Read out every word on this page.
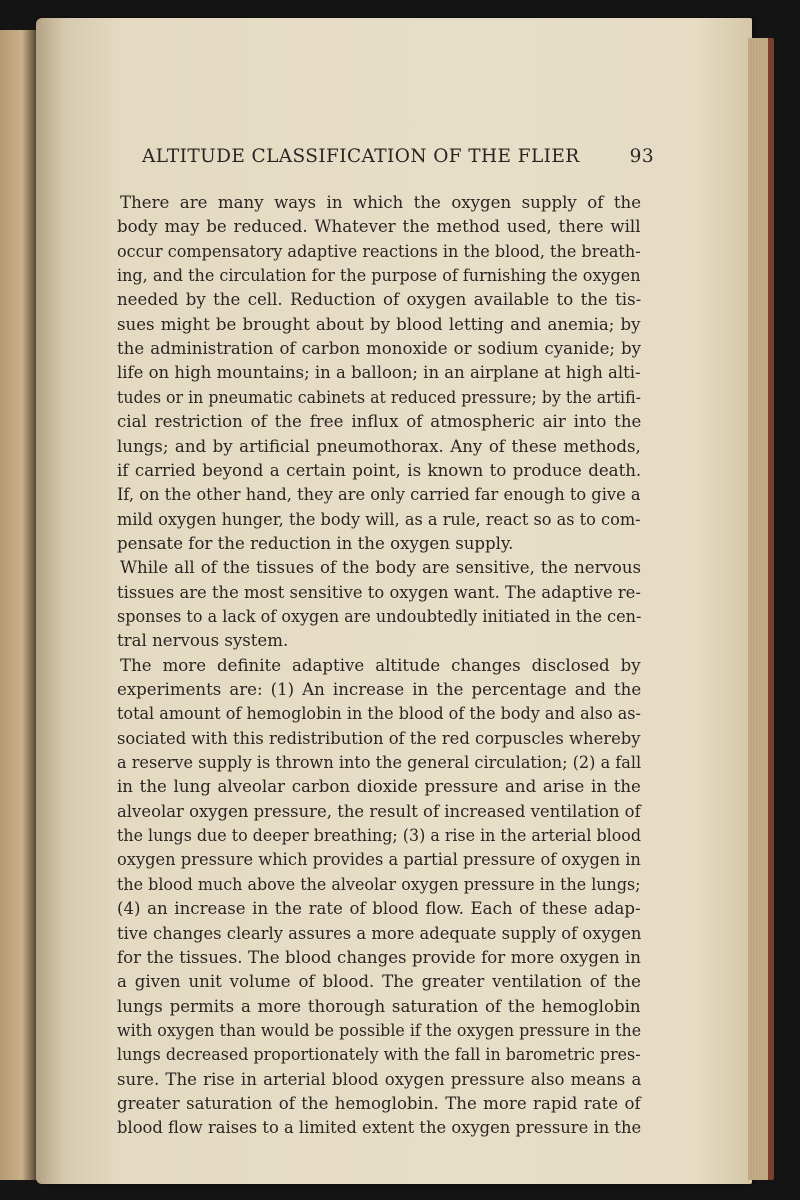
ALTITUDE CLASSIFICATION OF THE FLIER	93
There are many ways in which the oxygen supply of the
body may be reduced. Whatever the method used, there will
occur compensatory adaptive reactions in the blood, the breath-
ing, and the circulation for the purpose of furnishing the oxygen
needed by the cell. Reduction of oxygen available to the tis-
sues might be brought about by blood letting and anemia; by
the administration of carbon monoxide or sodium cyanide; by
life on high mountains; in a balloon; in an airplane at high alti-
tudes or in pneumatic cabinets at reduced pressure; by the artifi-
cial restriction of the free influx of atmospheric air into the
lungs; and by artificial pneumothorax. Any of these methods,
if carried beyond a certain point, is known to produce death.
If, on the other hand, they are only carried far enough to give a
mild oxygen hunger, the body will, as a rule, react so as to com-
pensate for the reduction in the oxygen supply.
While all of the tissues of the body are sensitive, the nervous
tissues are the most sensitive to oxygen want. The adaptive re-
sponses to a lack of oxygen are undoubtedly initiated in the cen-
tral nervous system.
The more definite adaptive altitude changes disclosed by
experiments are: (1) An increase in the percentage and the
total amount of hemoglobin in the blood of the body and also as-
sociated with this redistribution of the red corpuscles whereby
a reserve supply is thrown into the general circulation; (2) a fall
in the lung alveolar carbon dioxide pressure and arise in the
alveolar oxygen pressure, the result of increased ventilation of
the lungs due to deeper breathing; (3) a rise in the arterial blood
oxygen pressure which provides a partial pressure of oxygen in
the blood much above the alveolar oxygen pressure in the lungs;
(4) an increase in the rate of blood flow. Each of these adap-
tive changes clearly assures a more adequate supply of oxygen
for the tissues. The blood changes provide for more oxygen in
a given unit volume of blood. The greater ventilation of the
lungs permits a more thorough saturation of the hemoglobin
with oxygen than would be possible if the oxygen pressure in the
lungs decreased proportionately with the fall in barometric pres-
sure. The rise in arterial blood oxygen pressure also means a
greater saturation of the hemoglobin. The more rapid rate of
blood flow raises to a limited extent the oxygen pressure in the
